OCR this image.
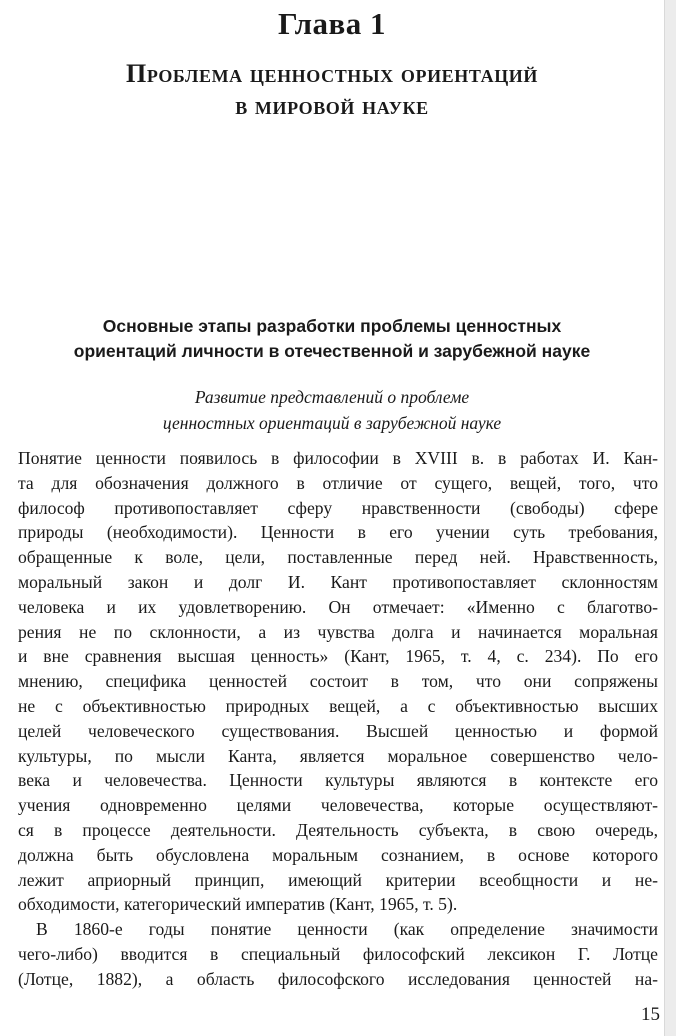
Глава 1
Проблема ценностных ориентаций
в мировой науке
Основные этапы разработки проблемы ценностных
ориентаций личности в отечественной и зарубежной науке
Развитие представлений о проблеме
ценностных ориентаций в зарубежной науке
Понятие ценности появилось в философии в XVIII в. в работах И. Кан-
та для обозначения должного в отличие от сущего, вещей, того, что
философ противопоставляет сферу нравственности (свободы) сфере
природы (необходимости). Ценности в его учении суть требования,
обращенные к воле, цели, поставленные перед ней. Нравственность,
моральный закон и долг И. Кант противопоставляет склонностям
человека и их удовлетворению. Он отмечает: «Именно с благотво-
рения не по склонности, а из чувства долга и начинается моральная
и вне сравнения высшая ценность» (Кант, 1965, т. 4, с. 234). По его
мнению, специфика ценностей состоит в том, что они сопряжены
не с объективностью природных вещей, а с объективностью высших
целей человеческого существования. Высшей ценностью и формой
культуры, по мысли Канта, является моральное совершенство чело-
века и человечества. Ценности культуры являются в контексте его
учения одновременно целями человечества, которые осуществляют-
ся в процессе деятельности. Деятельность субъекта, в свою очередь,
должна быть обусловлена моральным сознанием, в основе которого
лежит априорный принцип, имеющий критерии всеобщности и не-
обходимости, категорический императив (Кант, 1965, т. 5).
В 1860-е годы понятие ценности (как определение значимости
чего-либо) вводится в специальный философский лексикон Г. Лотце
(Лотце, 1882), а область философского исследования ценностей на-
15
